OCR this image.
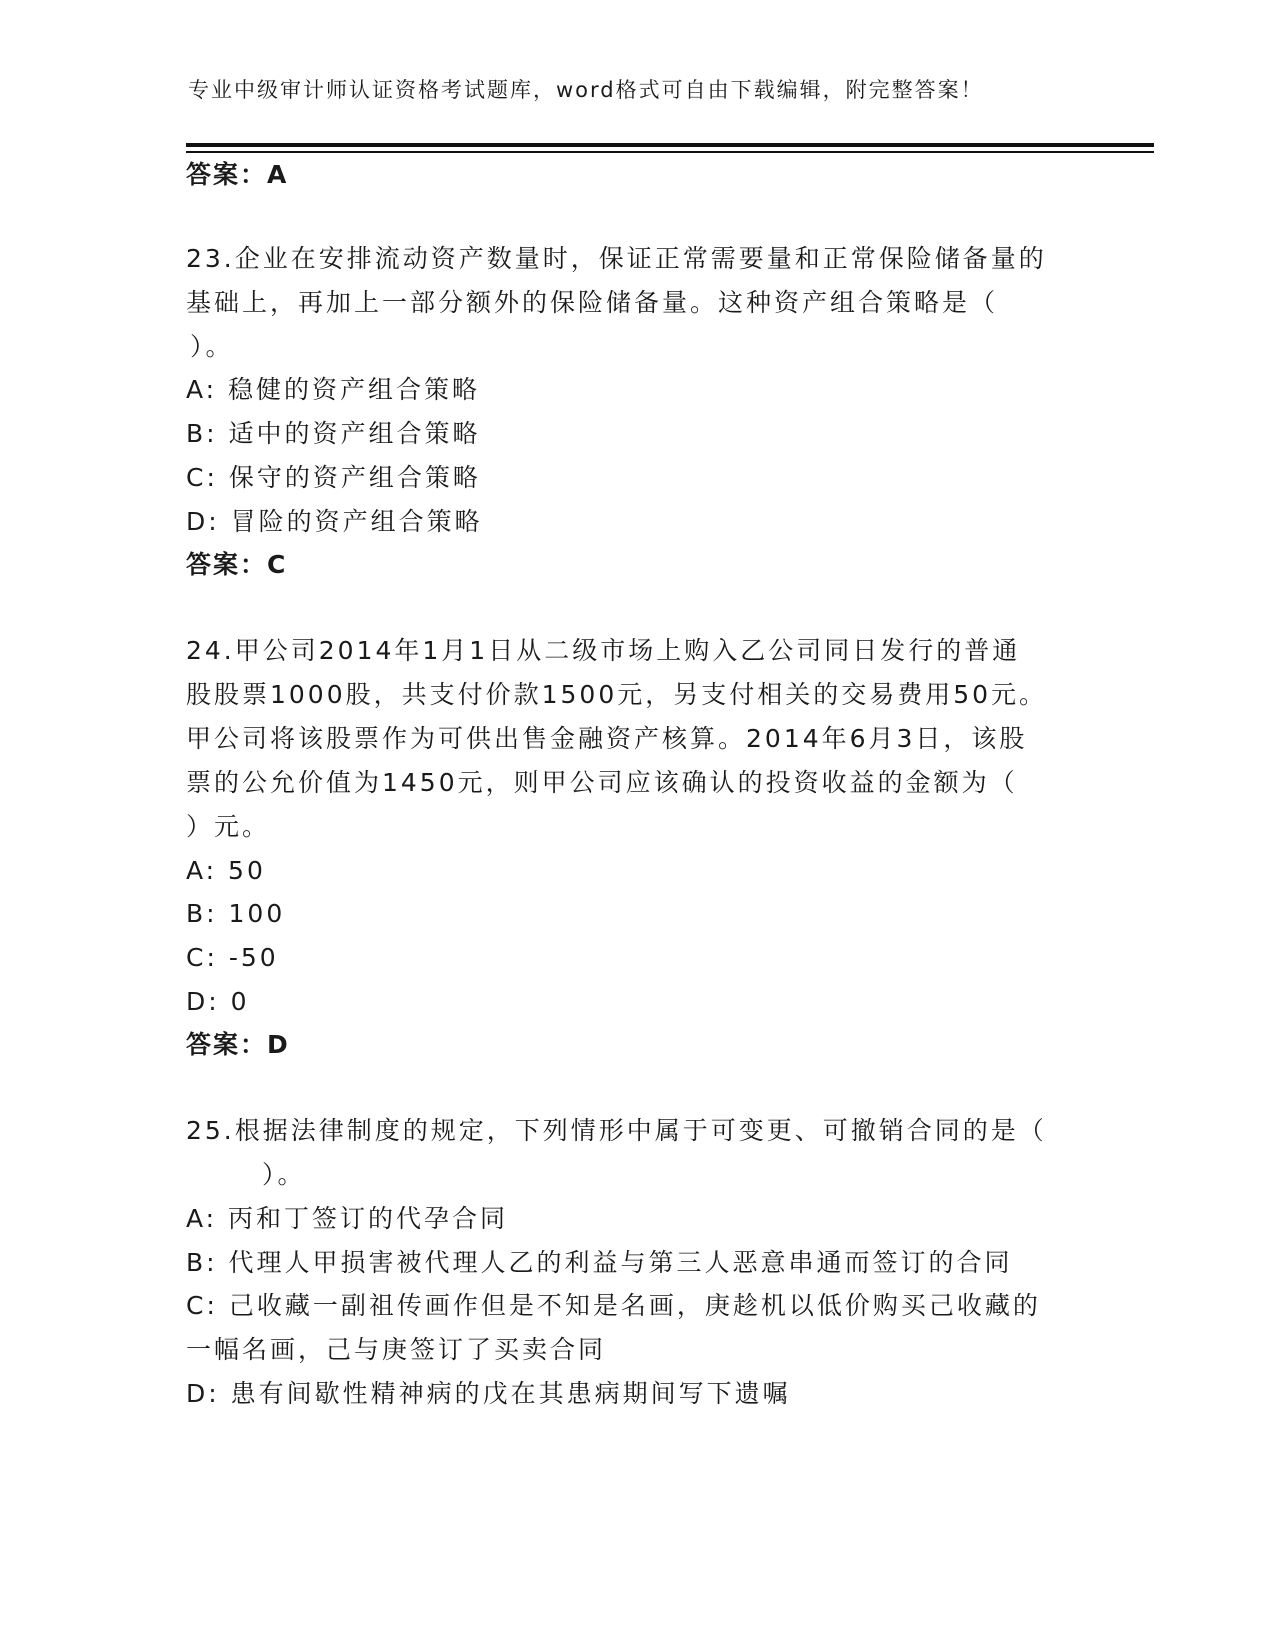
专业中级审计师认证资格考试题库，word格式可自由下载编辑，附完整答案！
答案：A
23.企业在安排流动资产数量时，保证正常需要量和正常保险储备量的
基础上，再加上一部分额外的保险储备量。这种资产组合策略是（
）。
A: 稳健的资产组合策略
B: 适中的资产组合策略
C: 保守的资产组合策略
D: 冒险的资产组合策略
答案：C
24.甲公司2014年1月1日从二级市场上购入乙公司同日发行的普通
股股票1000股，共支付价款1500元，另支付相关的交易费用50元。
甲公司将该股票作为可供出售金融资产核算。2014年6月3日，该股
票的公允价值为1450元，则甲公司应该确认的投资收益的金额为（
）元。
A: 50
B: 100
C: -50
D: 0
答案：D
25.根据法律制度的规定，下列情形中属于可变更、可撤销合同的是（
）。
A: 丙和丁签订的代孕合同
B: 代理人甲损害被代理人乙的利益与第三人恶意串通而签订的合同
C: 己收藏一副祖传画作但是不知是名画，庚趁机以低价购买己收藏的
一幅名画，己与庚签订了买卖合同
D: 患有间歇性精神病的戊在其患病期间写下遗嘱
